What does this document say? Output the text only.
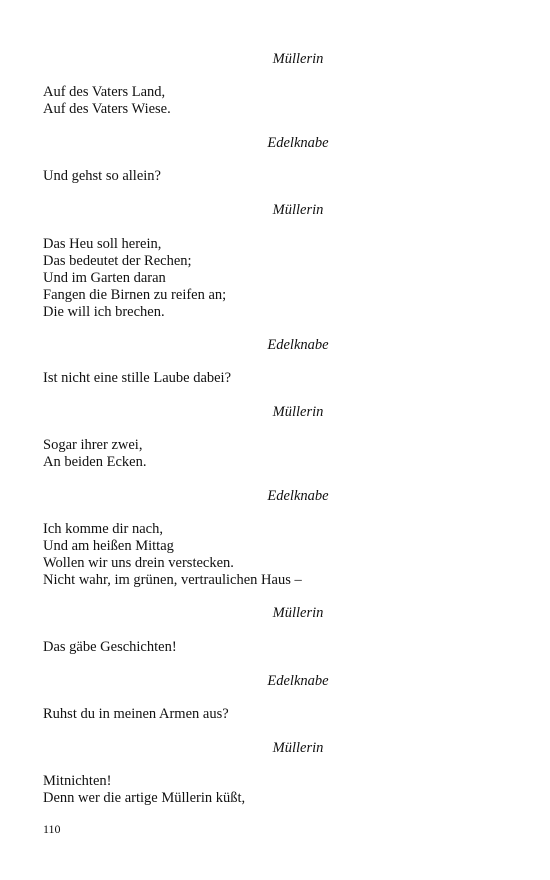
Müllerin
Auf des Vaters Land,
Auf des Vaters Wiese.
Edelknabe
Und gehst so allein?
Müllerin
Das Heu soll herein,
Das bedeutet der Rechen;
Und im Garten daran
Fangen die Birnen zu reifen an;
Die will ich brechen.
Edelknabe
Ist nicht eine stille Laube dabei?
Müllerin
Sogar ihrer zwei,
An beiden Ecken.
Edelknabe
Ich komme dir nach,
Und am heißen Mittag
Wollen wir uns drein verstecken.
Nicht wahr, im grünen, vertraulichen Haus –
Müllerin
Das gäbe Geschichten!
Edelknabe
Ruhst du in meinen Armen aus?
Müllerin
Mitnichten!
Denn wer die artige Müllerin küßt,
110
